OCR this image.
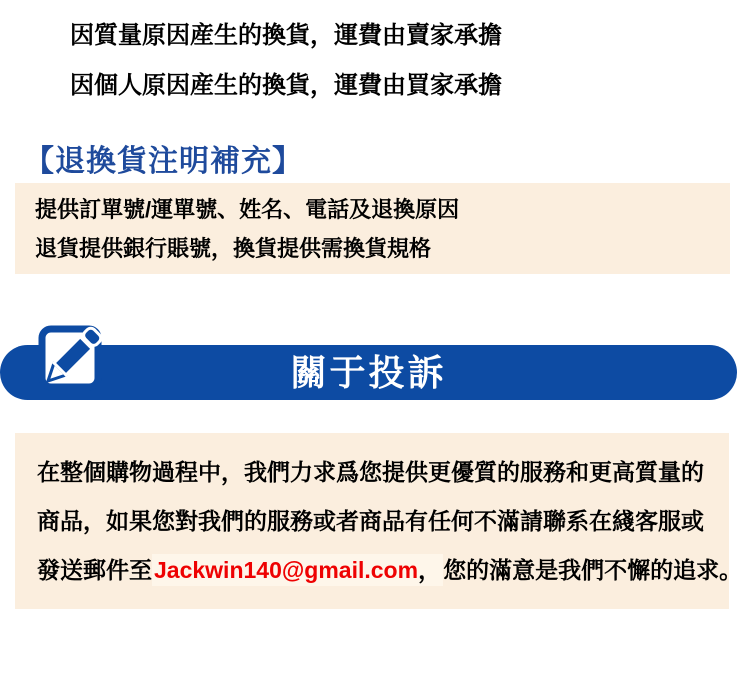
因質量原因産生的換貨，運費由賣家承擔

因個人原因産生的換貨，運費由買家承擔

【退換貨注明補充】

提供訂單號/運單號、姓名、電話及退換原因

退貨提供銀行賬號，換貨提供需換貨規格

關于投訴

在整個購物過程中，我們力求爲您提供更優質的服務和更高質量的

商品，如果您對我們的服務或者商品有任何不滿請聯系在綫客服或

發送郵件至Jackwin140@gmail.com，您的滿意是我們不懈的追求。
